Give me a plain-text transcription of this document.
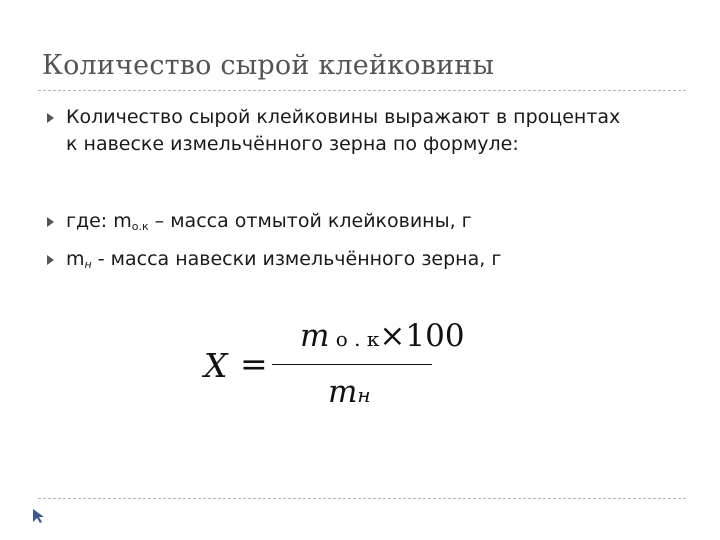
Количество сырой клейковины
Количество сырой клейковины выражают в процентах
к навеске измельчённого зерна по формуле:
где: $m_{о.к}$ – масса отмытой клейковины, г
$m_н$ - масса навески измельчённого зерна, г
X =
m о . к×100
mн
